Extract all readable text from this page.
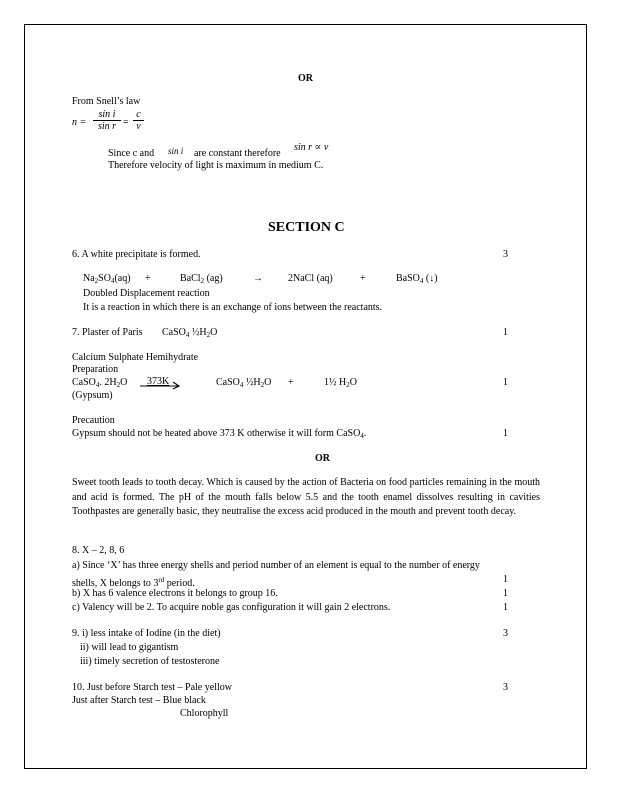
OR
From Snell’s law
$n = \frac{\text{sin i}}{\text{sin r}} = \frac{c}{v}$
Since c and sin i are constant therefore
sin r ∝ v
Therefore velocity of light is maximum in medium C.
SECTION C
6. A white precipitate is formed.	3
$Na_2SO_4(aq)$ +	BaCl$_2$ (ag)	→	2NaCl (aq)	+	BaSO$_4$ (↓)
Doubled Displacement reaction
It is a reaction in which there is an exchange of ions between the reactants.
7. Plaster of Paris CaSO$_4$ $\frac{1}{2}H_2O$	1
Calcium Sulphate Hemihydrate
Preparation
CaSO$_4$. $2H_2O$ 373K	CaSO$_4$ $\frac{1}{2}H_2O$ +	1½ $H_2O$	1
(Gypsum)
Precaution
Gypsum should not be heated above 373 K otherwise it will form CaSO$_4$.	1
OR
Sweet tooth leads to tooth decay. Which is caused by the action of Bacteria on food particles remaining in the mouth and acid is formed. The pH of the mouth falls below 5.5 and the tooth enamel dissolves resulting in cavities Toothpastes are generally basic, they neutralise the excess acid produced in the mouth and prevent tooth decay.
8. X – 2, 8, 6
a) Since ‘X’ has three energy shells and period number of an element is equal to the number of energy
shells, X belongs to 3rd period.	1
b) X has 6 valence electrons it belongs to group 16.	1
c) Valency will be 2. To acquire noble gas configuration it will gain 2 electrons.	1
9. i) less intake of Iodine (in the diet)	3
ii) will lead to gigantism
iii) timely secretion of testosterone
10. Just before Starch test – Pale yellow	3
Just after Starch test – Blue black
Chlorophyll
